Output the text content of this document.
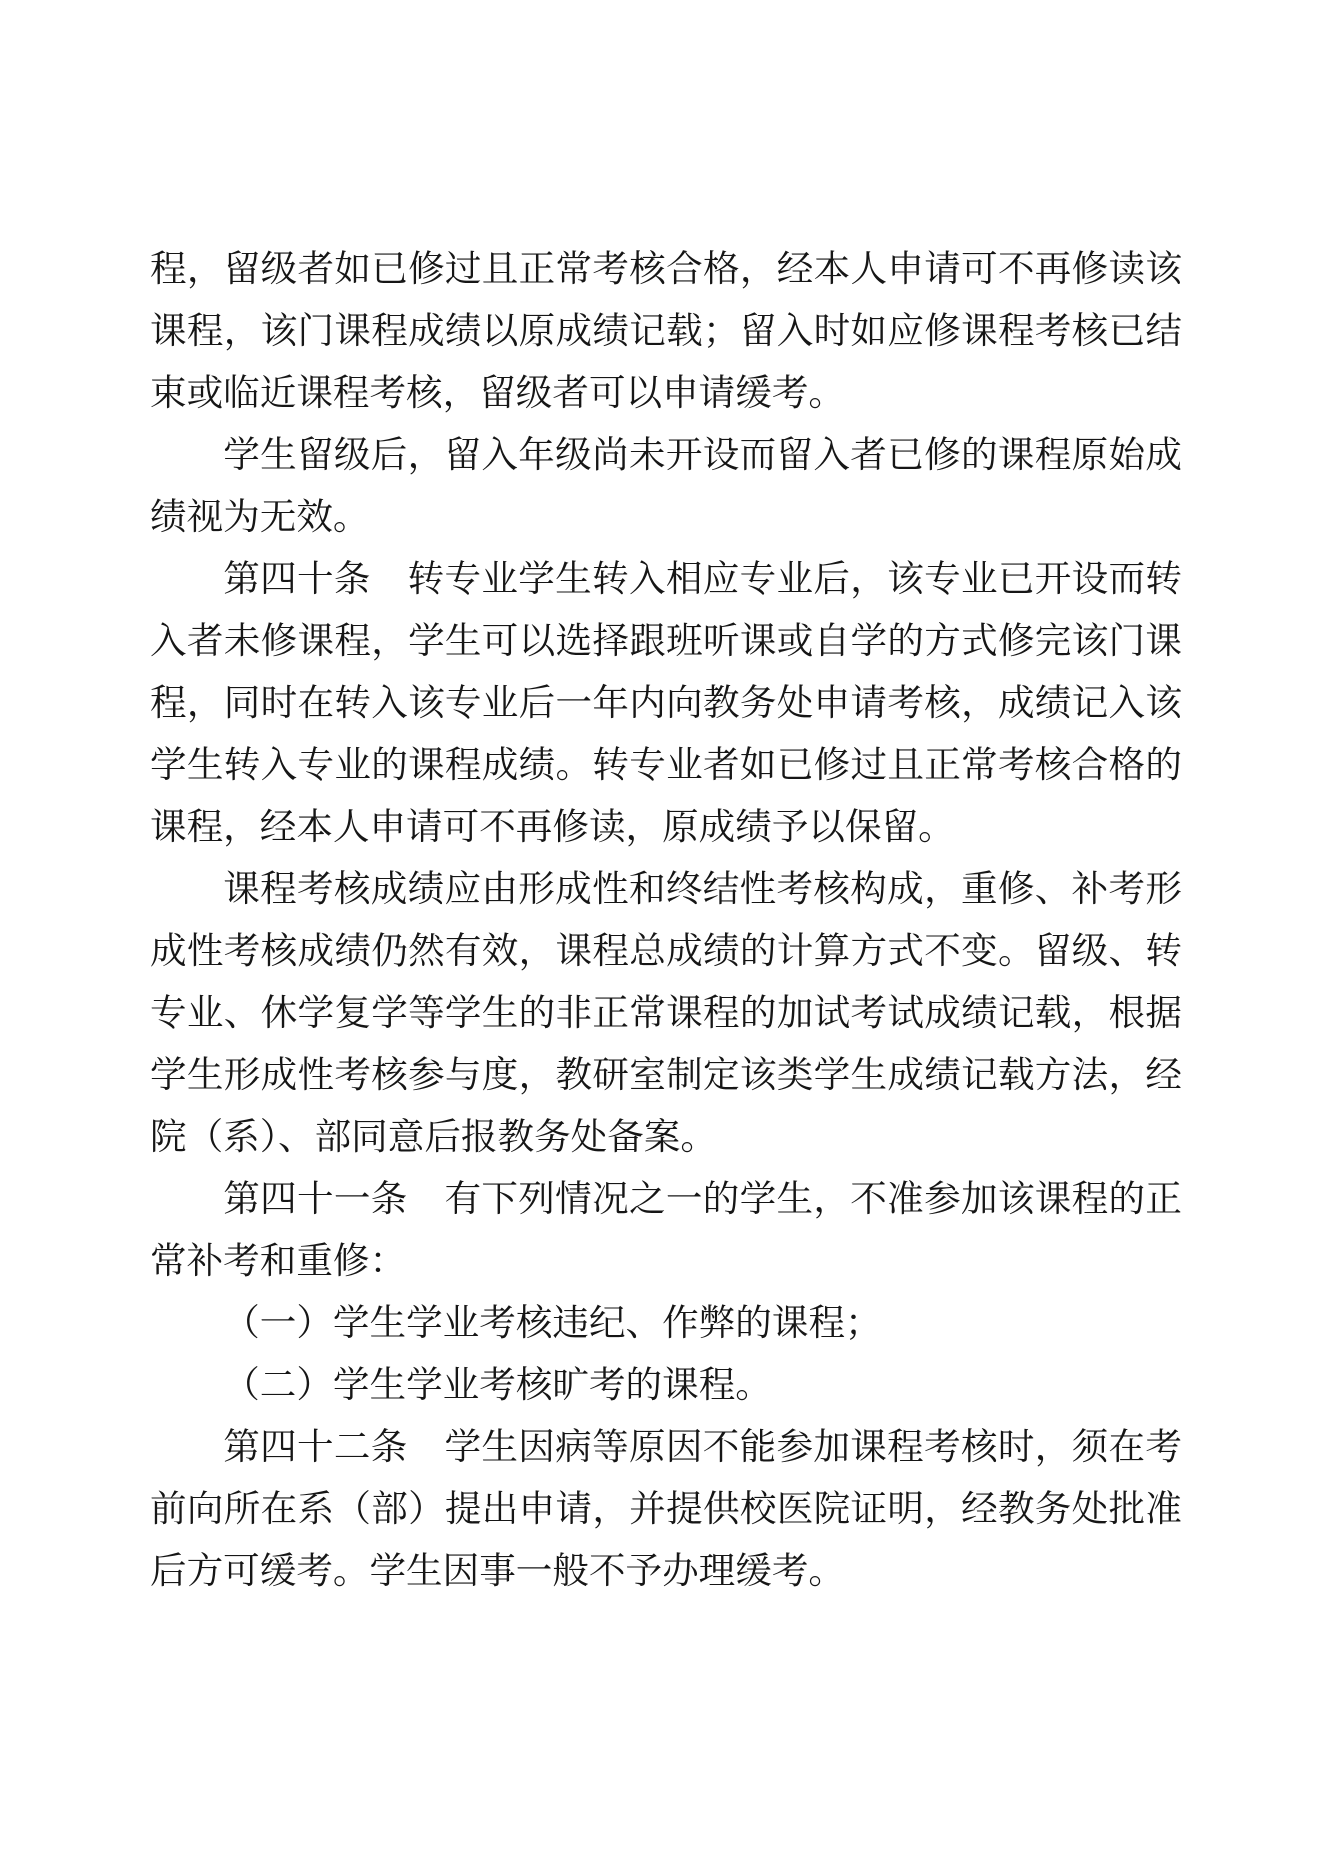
程，留级者如已修过且正常考核合格，经本人申请可不再修读该

课程，该门课程成绩以原成绩记载；留入时如应修课程考核已结

束或临近课程考核，留级者可以申请缓考。

学生留级后，留入年级尚未开设而留入者已修的课程原始成

绩视为无效。

第四十条　转专业学生转入相应专业后，该专业已开设而转

入者未修课程，学生可以选择跟班听课或自学的方式修完该门课

程，同时在转入该专业后一年内向教务处申请考核，成绩记入该

学生转入专业的课程成绩。转专业者如已修过且正常考核合格的

课程，经本人申请可不再修读，原成绩予以保留。

课程考核成绩应由形成性和终结性考核构成，重修、补考形

成性考核成绩仍然有效，课程总成绩的计算方式不变。留级、转

专业、休学复学等学生的非正常课程的加试考试成绩记载，根据

学生形成性考核参与度，教研室制定该类学生成绩记载方法，经

院（系）、部同意后报教务处备案。

第四十一条　有下列情况之一的学生，不准参加该课程的正

常补考和重修：

（一）学生学业考核违纪、作弊的课程；

（二）学生学业考核旷考的课程。

第四十二条　学生因病等原因不能参加课程考核时，须在考

前向所在系（部）提出申请，并提供校医院证明，经教务处批准

后方可缓考。学生因事一般不予办理缓考。
